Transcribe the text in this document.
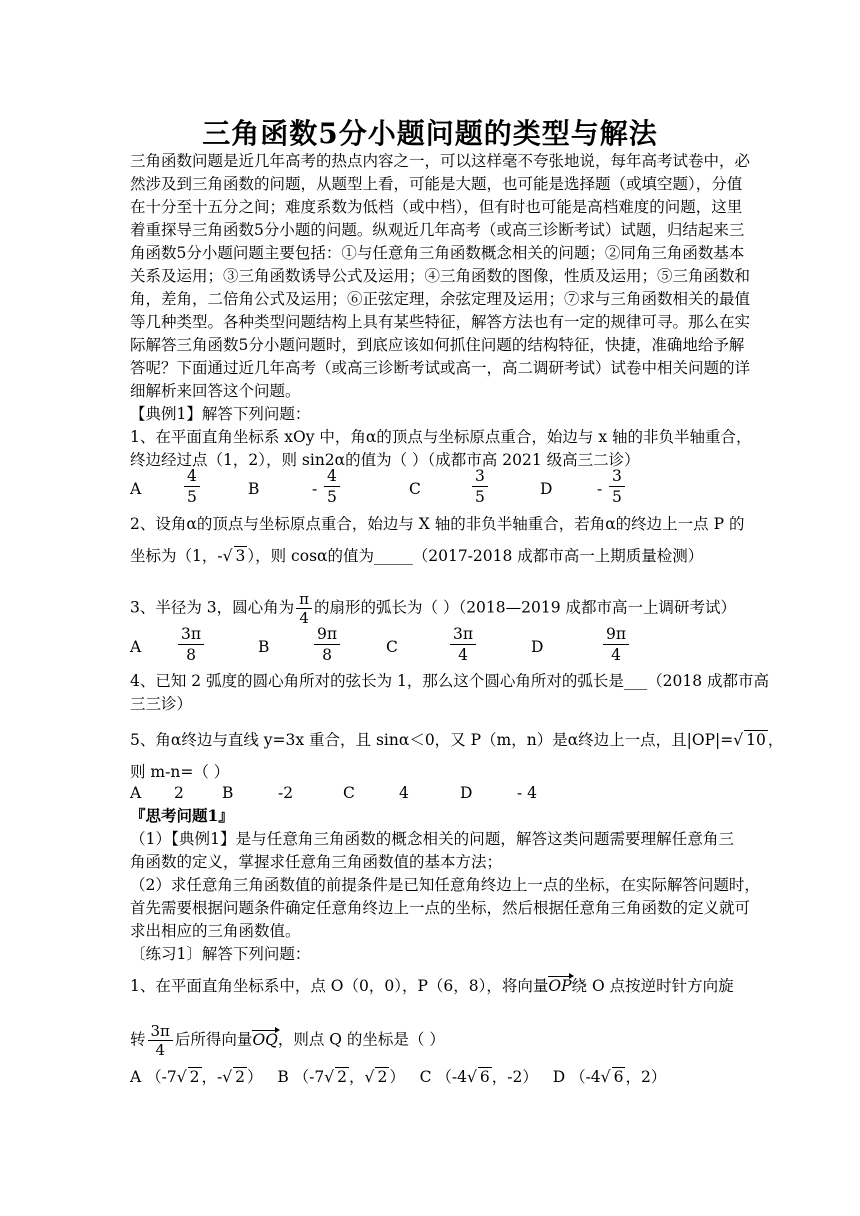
三角函数5分小题问题的类型与解法
三角函数问题是近几年高考的热点内容之一，可以这样毫不夸张地说，每年高考试卷中，必
然涉及到三角函数的问题，从题型上看，可能是大题，也可能是选择题（或填空题），分值
在十分至十五分之间；难度系数为低档（或中档），但有时也可能是高档难度的问题，这里
着重探导三角函数5分小题的问题。纵观近几年高考（或高三诊断考试）试题，归结起来三
角函数5分小题问题主要包括：①与任意角三角函数概念相关的问题；②同角三角函数基本
关系及运用；③三角函数诱导公式及运用；④三角函数的图像，性质及运用；⑤三角函数和
角，差角，二倍角公式及运用；⑥正弦定理，余弦定理及运用；⑦求与三角函数相关的最值
等几种类型。各种类型问题结构上具有某些特征，解答方法也有一定的规律可寻。那么在实
际解答三角函数5分小题问题时，到底应该如何抓住问题的结构特征，快捷，准确地给予解
答呢？下面通过近几年高考（或高三诊断考试或高一，高二调研考试）试卷中相关问题的详
细解析来回答这个问题。
【典例1】解答下列问题：
1、在平面直角坐标系 xOy 中，角α的顶点与坐标原点重合，始边与 x 轴的非负半轴重合，
终边经过点（1，2），则 sin2α的值为（ ）（成都市高 2021 级高三二诊）
A	$\frac{4}{5}$	B	- $\frac{4}{5}$	C	$\frac{3}{5}$	D	- $\frac{3}{5}$
2、设角α的顶点与坐标原点重合，始边与 X 轴的非负半轴重合，若角α的终边上一点 P 的
坐标为（1，-√ 3 ），则 cosα的值为_____（2017-2018 成都市高一上期质量检测）
3、半径为 3，圆心角为 $\frac{\pi}{4}$ 的扇形的弧长为（ ）（2018—2019 成都市高一上调研考试）
A $\frac{3\pi}{8}$	B	$\frac{9\pi}{8}$	C	$\frac{3\pi}{4}$	D	$\frac{9\pi}{4}$
4、已知 2 弧度的圆心角所对的弦长为 1，那么这个圆心角所对的弧长是___（2018 成都市高
三三诊）
5、角α终边与直线 y=3x 重合，且 sinα＜0，又 P（m，n）是α终边上一点，且|OP|=√ 10 ，
则 m-n=（ ）
A 2 B	-2	C	4	D	- 4
『思考问题1』
（1）【典例1】是与任意角三角函数的概念相关的问题，解答这类问题需要理解任意角三
角函数的定义，掌握求任意角三角函数值的基本方法；
（2）求任意角三角函数值的前提条件是已知任意角终边上一点的坐标，在实际解答问题时，
首先需要根据问题条件确定任意角终边上一点的坐标，然后根据任意角三角函数的定义就可
求出相应的三角函数值。
〔练习1〕解答下列问题：
1、在平面直角坐标系中，点 O（0，0），P（6，8），将向量OP绕 O 点按逆时针方向旋
转 $\frac{3\pi}{4}$ 后所得向量OQ，则点 Q 的坐标是（ ）
A （-7√ 2 ，-√ 2 ） B （-7√ 2 ，√ 2 ） C （-4√ 6 ，-2） D （-4√ 6 ，2）
